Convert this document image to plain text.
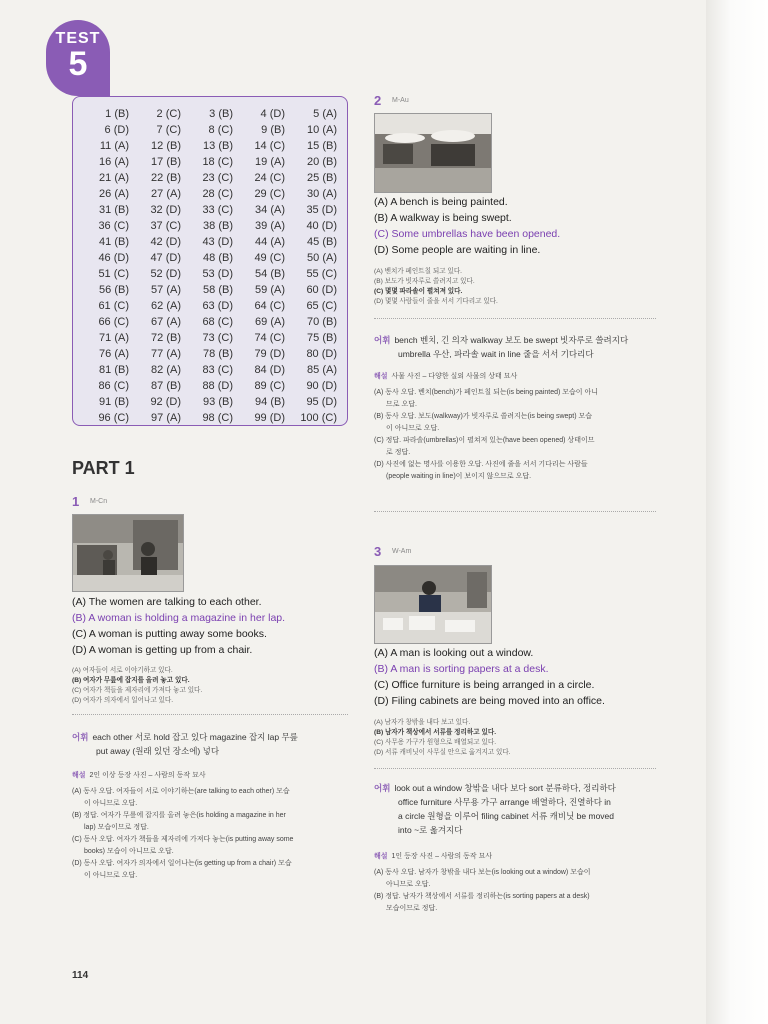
TEST
5
1 (B)	2 (C)	3 (B)	4 (D)	5 (A)
6 (D)	7 (C)	8 (C)	9 (B)	10 (A)
11 (A)	12 (B)	13 (B)	14 (C)	15 (B)
16 (A)	17 (B)	18 (C)	19 (A)	20 (B)
21 (A)	22 (B)	23 (C)	24 (C)	25 (B)
26 (A)	27 (A)	28 (C)	29 (C)	30 (A)
31 (B)	32 (D)	33 (C)	34 (A)	35 (D)
36 (C)	37 (C)	38 (B)	39 (A)	40 (D)
41 (B)	42 (D)	43 (D)	44 (A)	45 (B)
46 (D)	47 (D)	48 (B)	49 (C)	50 (A)
51 (C)	52 (D)	53 (D)	54 (B)	55 (C)
56 (B)	57 (A)	58 (B)	59 (A)	60 (D)
61 (C)	62 (A)	63 (D)	64 (C)	65 (C)
66 (C)	67 (A)	68 (C)	69 (A)	70 (B)
71 (A)	72 (B)	73 (C)	74 (C)	75 (B)
76 (A)	77 (A)	78 (B)	79 (D)	80 (D)
81 (B)	82 (A)	83 (C)	84 (D)	85 (A)
86 (C)	87 (B)	88 (D)	89 (C)	90 (D)
91 (B)	92 (D)	93 (B)	94 (B)	95 (D)
96 (C)	97 (A)	98 (C)	99 (D)	100 (C)
PART 1
1 M-Cn
(A) The women are talking to each other.
(B) A woman is holding a magazine in her lap.
(C) A woman is putting away some books.
(D) A woman is getting up from a chair.
(A) 여자들이 서로 이야기하고 있다.
(B) 여자가 무릎에 잡지를 올려 놓고 있다.
(C) 여자가 책들을 제자리에 가져다 놓고 있다.
(D) 여자가 의자에서 일어나고 있다.
어휘 each other 서로 hold 잡고 있다 magazine 잡지 lap 무릎
put away (원래 있던 장소에) 넣다
해설 2인 이상 등장 사진 – 사람의 동작 묘사
(A) 동사 오답. 여자들이 서로 이야기하는(are talking to each other) 모습
이 아니므로 오답.
(B) 정답. 여자가 무릎에 잡지를 올려 놓은(is holding a magazine in her
lap) 모습이므로 정답.
(C) 동사 오답. 여자가 책들을 제자리에 가져다 놓는(is putting away some
books) 모습이 아니므로 오답.
(D) 동사 오답. 여자가 의자에서 일어나는(is getting up from a chair) 모습
이 아니므로 오답.
2 M-Au
(A) A bench is being painted.
(B) A walkway is being swept.
(C) Some umbrellas have been opened.
(D) Some people are waiting in line.
(A) 벤치가 페인트칠 되고 있다.
(B) 보도가 빗자루로 쓸려지고 있다.
(C) 몇몇 파라솔이 펼쳐져 있다.
(D) 몇몇 사람들이 줄을 서서 기다리고 있다.
어휘 bench 벤치, 긴 의자 walkway 보도 be swept 빗자루로 쓸려지다
umbrella 우산, 파라솔 wait in line 줄을 서서 기다리다
해설 사물 사진 – 다양한 실외 사물의 상태 묘사
(A) 동사 오답. 벤치(bench)가 페인트칠 되는(is being painted) 모습이 아니
므로 오답.
(B) 동사 오답. 보도(walkway)가 빗자루로 쓸려지는(is being swept) 모습
이 아니므로 오답.
(C) 정답. 파라솔(umbrellas)이 펼쳐져 있는(have been opened) 상태이므
로 정답.
(D) 사진에 없는 명사를 이용한 오답. 사진에 줄을 서서 기다리는 사람들
(people waiting in line)이 보이지 않으므로 오답.
3 W-Am
(A) A man is looking out a window.
(B) A man is sorting papers at a desk.
(C) Office furniture is being arranged in a circle.
(D) Filing cabinets are being moved into an office.
(A) 남자가 창밖을 내다 보고 있다.
(B) 남자가 책상에서 서류를 정리하고 있다.
(C) 사무용 가구가 원형으로 배열되고 있다.
(D) 서류 캐비닛이 사무실 안으로 옮겨지고 있다.
어휘 look out a window 창밖을 내다 보다 sort 분류하다, 정리하다
office furniture 사무용 가구 arrange 배열하다, 진열하다 in
a circle 원형을 이루어 filing cabinet 서류 캐비닛 be moved
into ~로 옮겨지다
해설 1인 등장 사진 – 사람의 동작 묘사
(A) 동사 오답. 남자가 창밖을 내다 보는(is looking out a window) 모습이
아니므로 오답.
(B) 정답. 남자가 책상에서 서류를 정리하는(is sorting papers at a desk)
모습이므로 정답.
114
